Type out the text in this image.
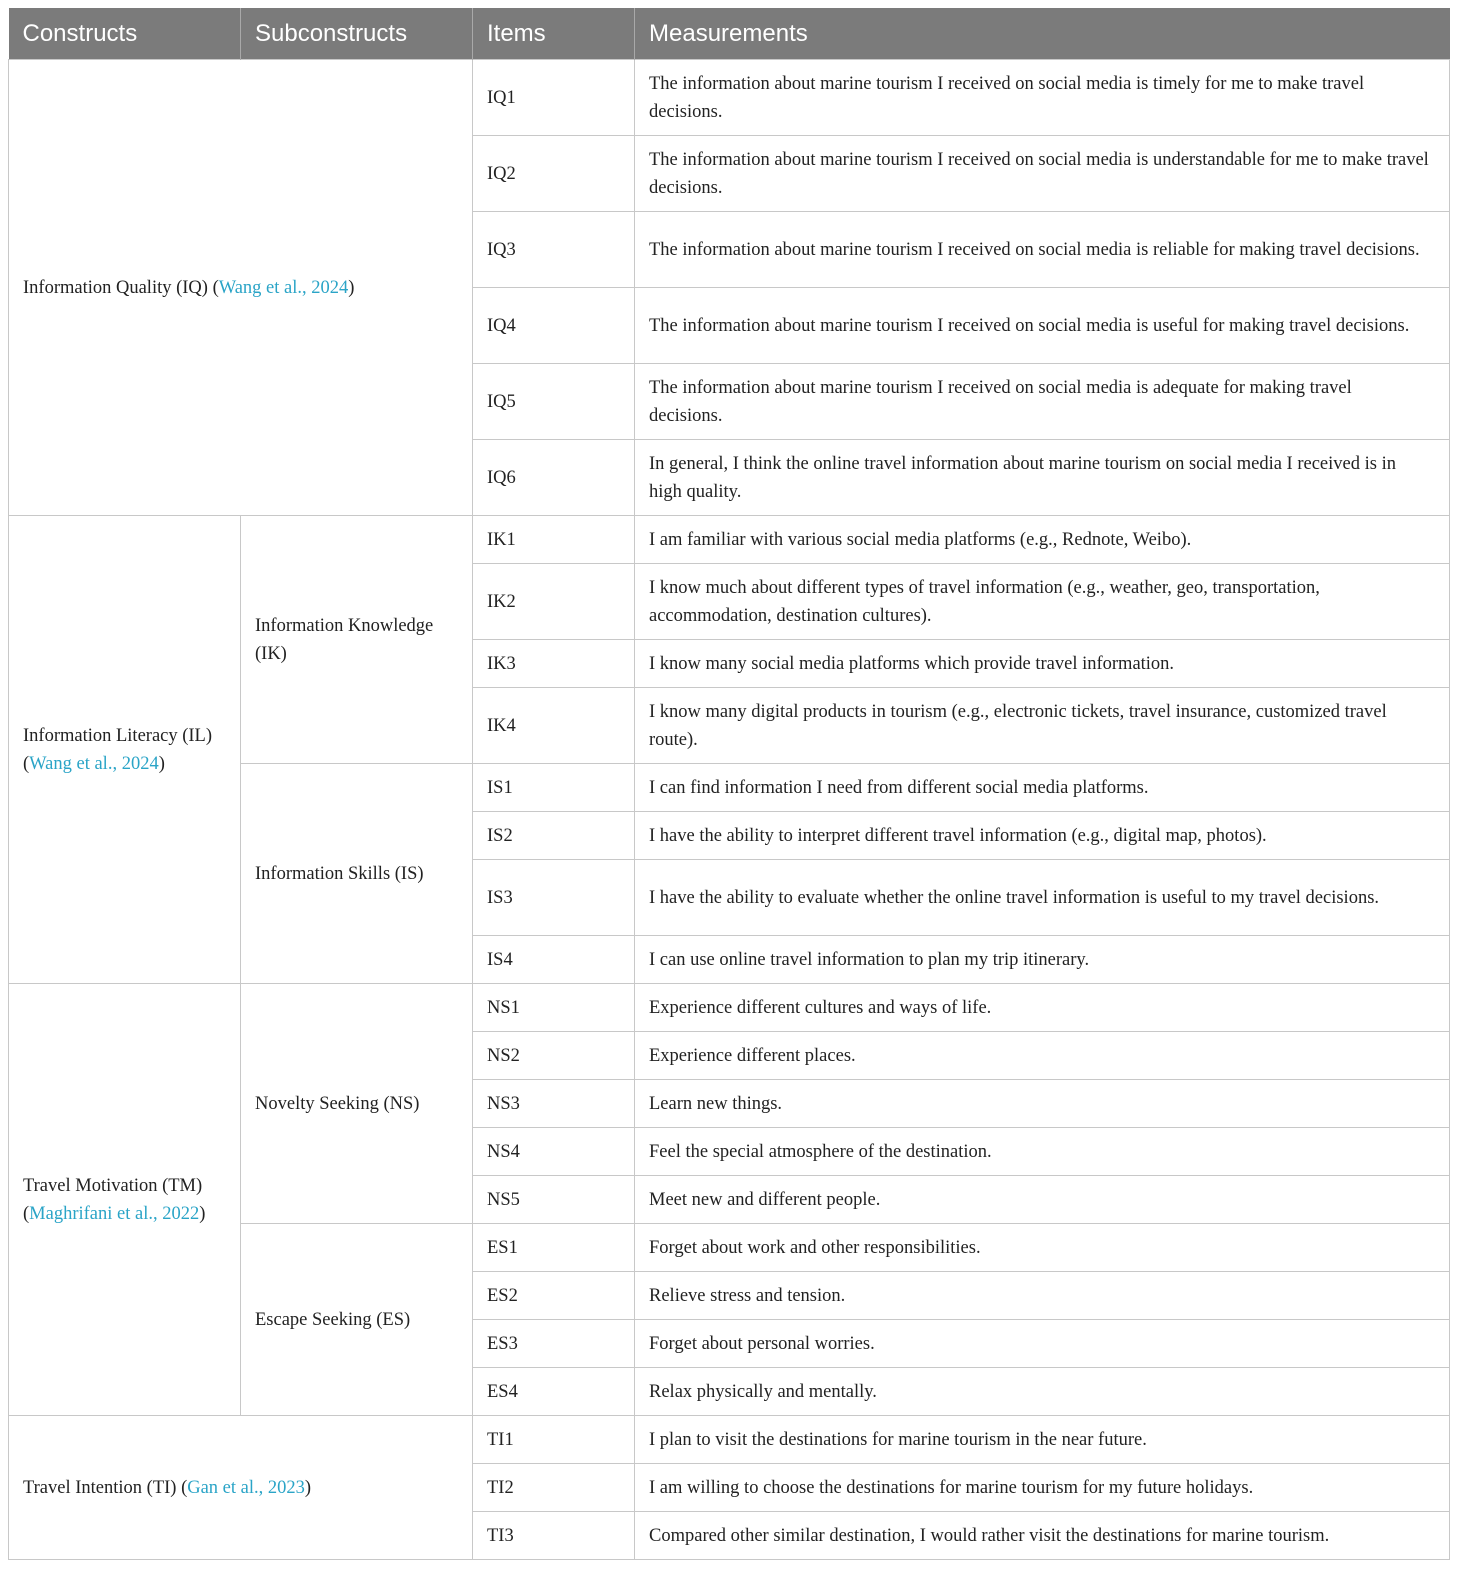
Constructs	Subconstructs	Items	Measurements
Information Quality (IQ) (Wang et al., 2024)		IQ1	The information about marine tourism I received on social media is timely for me to make travel decisions.
		IQ2	The information about marine tourism I received on social media is understandable for me to make travel decisions.
		IQ3	The information about marine tourism I received on social media is reliable for making travel decisions.
		IQ4	The information about marine tourism I received on social media is useful for making travel decisions.
		IQ5	The information about marine tourism I received on social media is adequate for making travel decisions.
		IQ6	In general, I think the online travel information about marine tourism on social media I received is in high quality.
Information Literacy (IL) (Wang et al., 2024)	Information Knowledge (IK)	IK1	I am familiar with various social media platforms (e.g., Rednote, Weibo).
		IK2	I know much about different types of travel information (e.g., weather, geo, transportation, accommodation, destination cultures).
		IK3	I know many social media platforms which provide travel information.
		IK4	I know many digital products in tourism (e.g., electronic tickets, travel insurance, customized travel route).
	Information Skills (IS)	IS1	I can find information I need from different social media platforms.
		IS2	I have the ability to interpret different travel information (e.g., digital map, photos).
		IS3	I have the ability to evaluate whether the online travel information is useful to my travel decisions.
		IS4	I can use online travel information to plan my trip itinerary.
Travel Motivation (TM) (Maghrifani et al., 2022)	Novelty Seeking (NS)	NS1	Experience different cultures and ways of life.
		NS2	Experience different places.
		NS3	Learn new things.
		NS4	Feel the special atmosphere of the destination.
		NS5	Meet new and different people.
	Escape Seeking (ES)	ES1	Forget about work and other responsibilities.
		ES2	Relieve stress and tension.
		ES3	Forget about personal worries.
		ES4	Relax physically and mentally.
Travel Intention (TI) (Gan et al., 2023)		TI1	I plan to visit the destinations for marine tourism in the near future.
		TI2	I am willing to choose the destinations for marine tourism for my future holidays.
		TI3	Compared other similar destination, I would rather visit the destinations for marine tourism.
